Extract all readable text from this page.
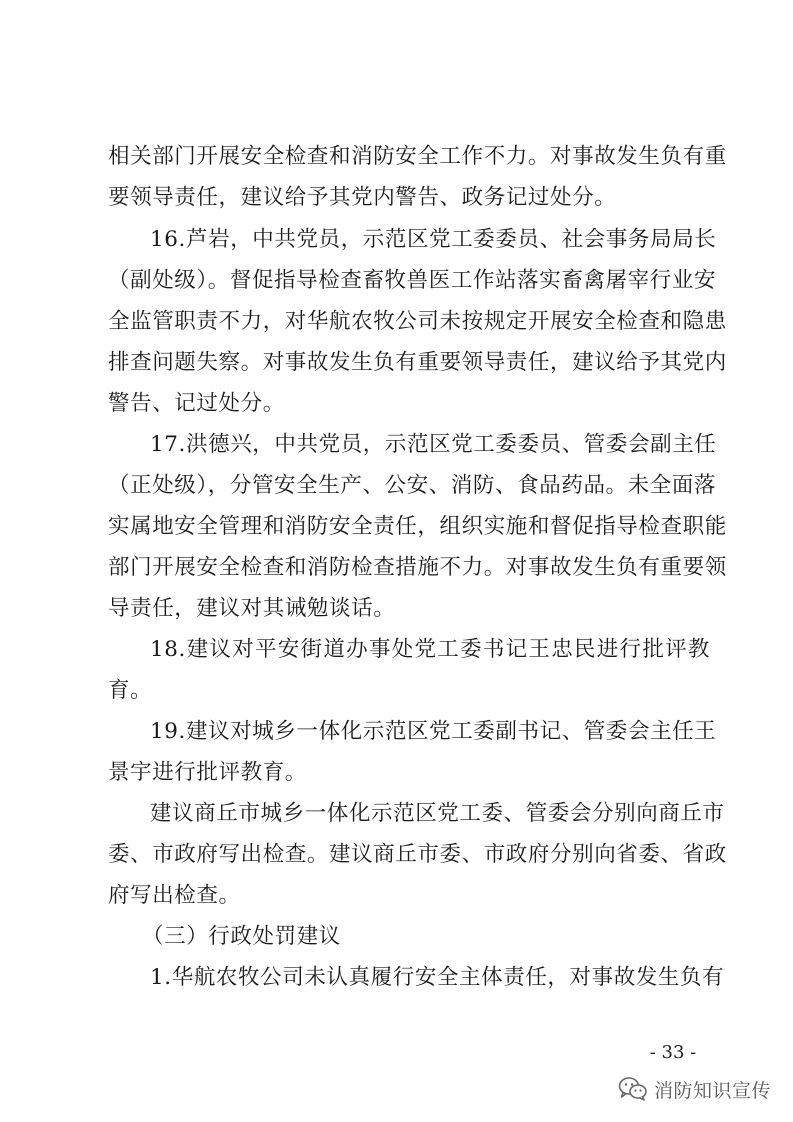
相关部门开展安全检查和消防安全工作不力。对事故发生负有重
要领导责任，建议给予其党内警告、政务记过处分。
16.芦岩，中共党员，示范区党工委委员、社会事务局局长
（副处级）。督促指导检查畜牧兽医工作站落实畜禽屠宰行业安
全监管职责不力，对华航农牧公司未按规定开展安全检查和隐患
排查问题失察。对事故发生负有重要领导责任，建议给予其党内
警告、记过处分。
17.洪德兴，中共党员，示范区党工委委员、管委会副主任
（正处级），分管安全生产、公安、消防、食品药品。未全面落
实属地安全管理和消防安全责任，组织实施和督促指导检查职能
部门开展安全检查和消防检查措施不力。对事故发生负有重要领
导责任，建议对其诫勉谈话。
18.建议对平安街道办事处党工委书记王忠民进行批评教
育。
19.建议对城乡一体化示范区党工委副书记、管委会主任王
景宇进行批评教育。
建议商丘市城乡一体化示范区党工委、管委会分别向商丘市
委、市政府写出检查。建议商丘市委、市政府分别向省委、省政
府写出检查。
（三）行政处罚建议
1.华航农牧公司未认真履行安全主体责任，对事故发生负有
- 33 -
消防知识宣传
